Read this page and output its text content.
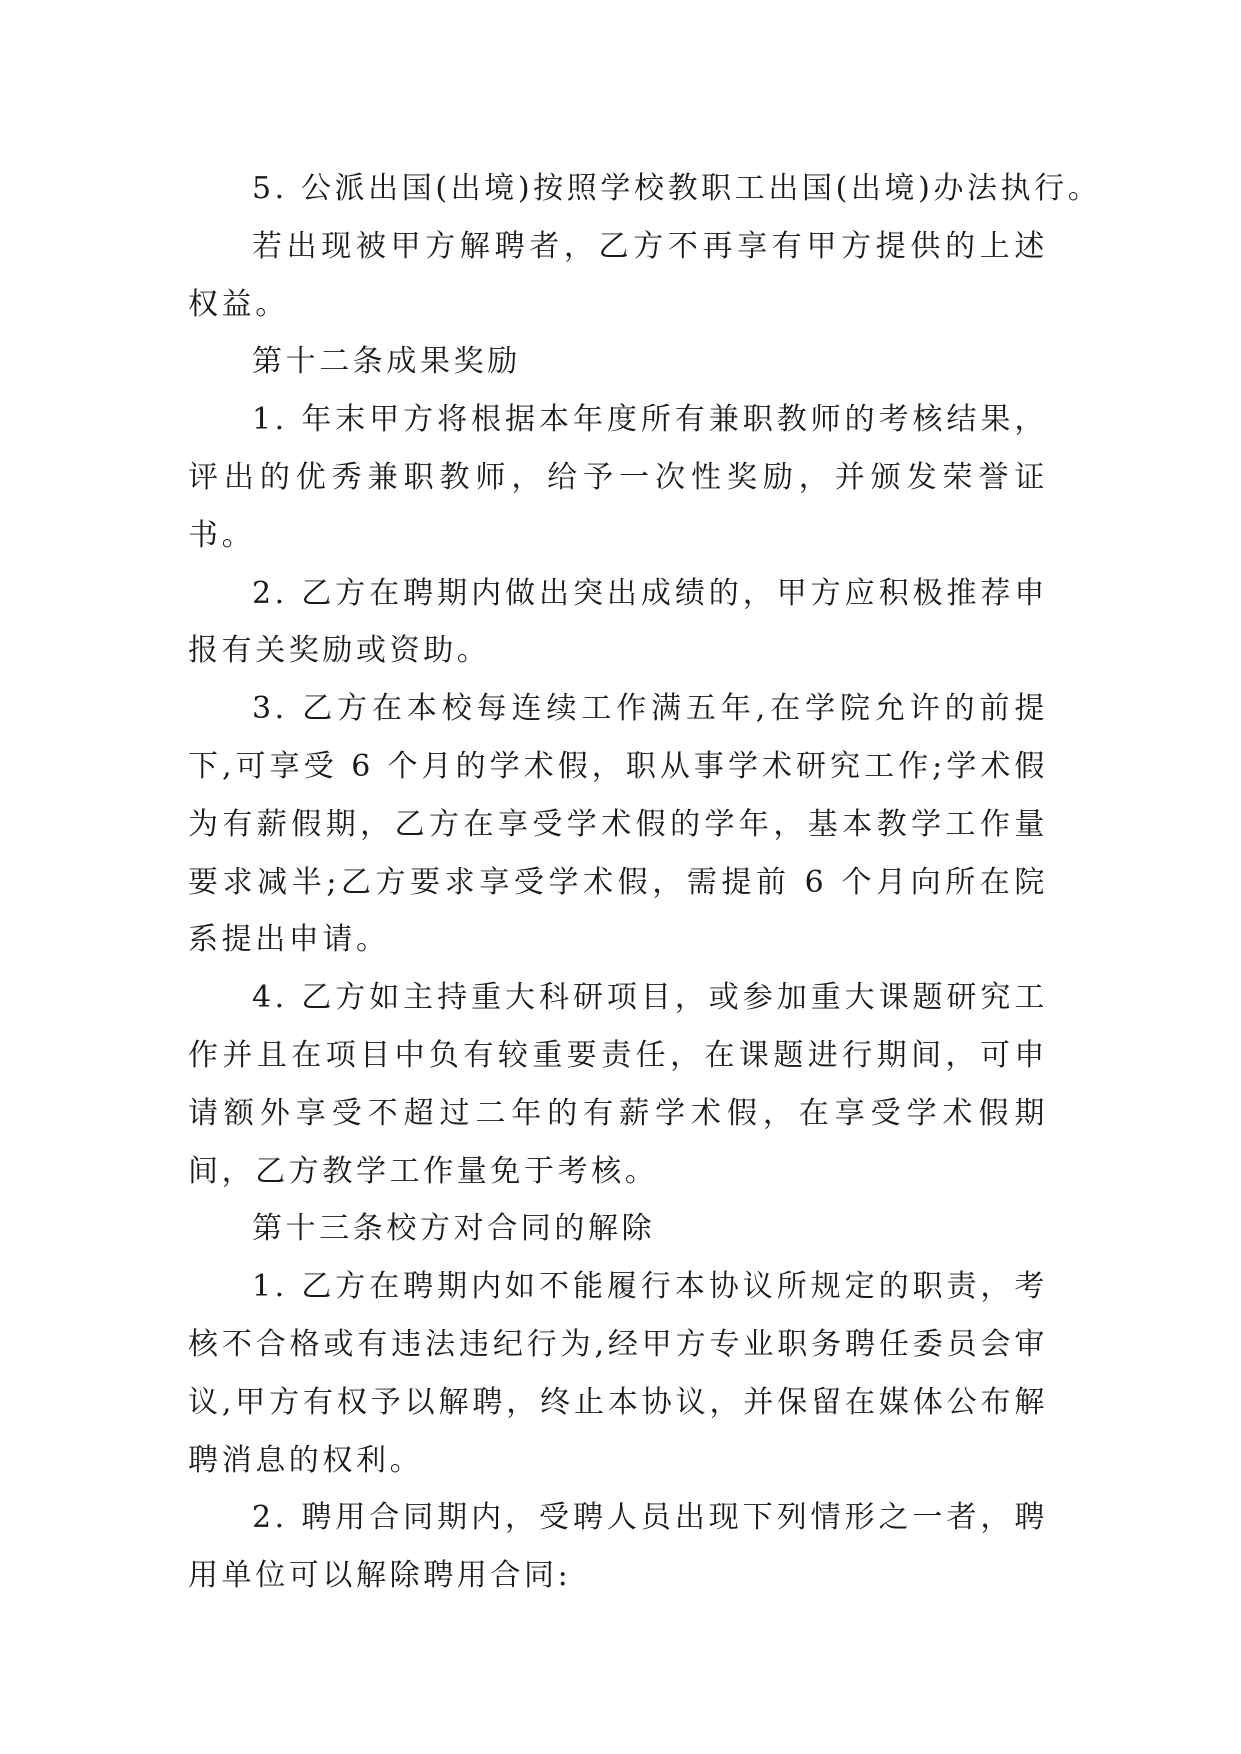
5. 公派出国(出境)按照学校教职工出国(出境)办法执行。

若出现被甲方解聘者，乙方不再享有甲方提供的上述权益。

第十二条成果奖励

1. 年末甲方将根据本年度所有兼职教师的考核结果，评出的优秀兼职教师，给予一次性奖励，并颁发荣誉证书。

2. 乙方在聘期内做出突出成绩的，甲方应积极推荐申报有关奖励或资助。

3. 乙方在本校每连续工作满五年,在学院允许的前提下,可享受 6 个月的学术假，职从事学术研究工作;学术假为有薪假期，乙方在享受学术假的学年，基本教学工作量要求减半;乙方要求享受学术假，需提前 6 个月向所在院系提出申请。

4. 乙方如主持重大科研项目，或参加重大课题研究工作并且在项目中负有较重要责任，在课题进行期间，可申请额外享受不超过二年的有薪学术假，在享受学术假期间，乙方教学工作量免于考核。

第十三条校方对合同的解除

1. 乙方在聘期内如不能履行本协议所规定的职责，考核不合格或有违法违纪行为,经甲方专业职务聘任委员会审议,甲方有权予以解聘，终止本协议，并保留在媒体公布解聘消息的权利。

2. 聘用合同期内，受聘人员出现下列情形之一者，聘用单位可以解除聘用合同:
